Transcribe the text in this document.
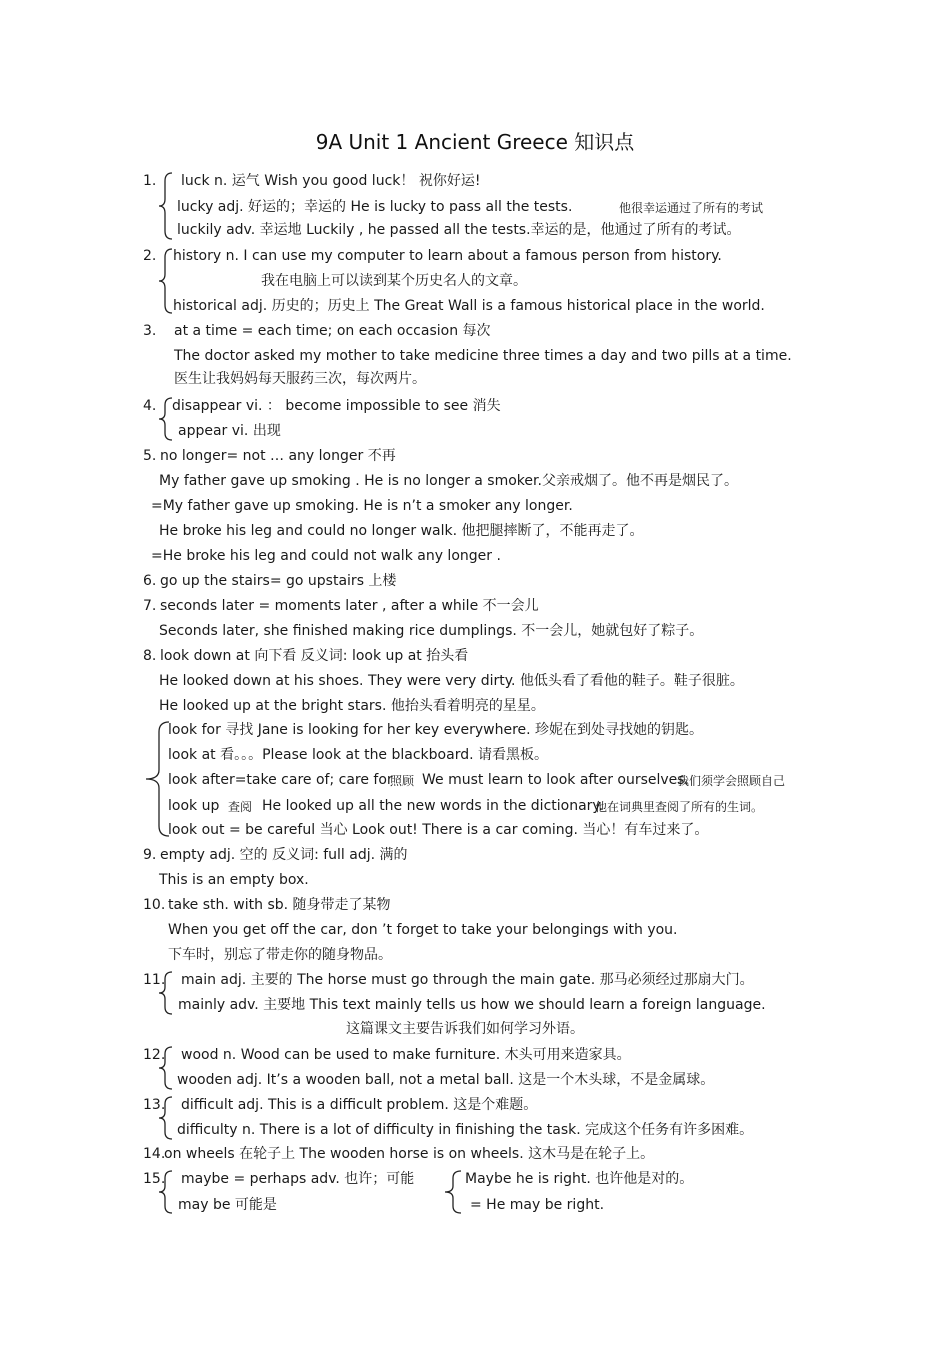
9A Unit 1 Ancient Greece 知识点
1. luck n. 运气 Wish you good luck！ 祝你好运!
lucky adj. 好运的；幸运的 He is lucky to pass all the tests.	他很幸运通过了所有的考试
luckily adv. 幸运地 Luckily , he passed all the tests.幸运的是，他通过了所有的考试。
2. history n. I can use my computer to learn about a famous person from history.
我在电脑上可以读到某个历史名人的文章。
historical adj. 历史的；历史上 The Great Wall is a famous historical place in the world.
3. at a time = each time; on each occasion 每次
The doctor asked my mother to take medicine three times a day and two pills at a time.
医生让我妈妈每天服药三次，每次两片。
4. disappear vi. ： become impossible to see 消失
appear vi. 出现
5. no longer= not … any longer 不再
My father gave up smoking . He is no longer a smoker.父亲戒烟了。他不再是烟民了。
=My father gave up smoking. He is n’t a smoker any longer.
He broke his leg and could no longer walk. 他把腿摔断了，不能再走了。
=He broke his leg and could not walk any longer .
6. go up the stairs= go upstairs 上楼
7. seconds later = moments later , after a while 不一会儿
Seconds later, she finished making rice dumplings. 不一会儿，她就包好了粽子。
8. look down at 向下看 反义词: look up at 抬头看
He looked down at his shoes. They were very dirty. 他低头看了看他的鞋子。鞋子很脏。
He looked up at the bright stars. 他抬头看着明亮的星星。
look for 寻找 Jane is looking for her key everywhere. 珍妮在到处寻找她的钥匙。
look at 看。。。Please look at the blackboard. 请看黑板。
look after=take care of; care for
照顾 We must learn to look after ourselves.
我们须学会照顾自己
look up 查阅 He looked up all the new words in the dictionary.
他在词典里查阅了所有的生词。
look out = be careful 当心 Look out! There is a car coming. 当心！有车过来了。
9. empty adj. 空的 反义词: full adj. 满的
This is an empty box.
10. take sth. with sb. 随身带走了某物
When you get off the car, don ’t forget to take your belongings with you.
下车时，别忘了带走你的随身物品。
11. main adj. 主要的 The horse must go through the main gate. 那马必须经过那扇大门。
mainly adv. 主要地 This text mainly tells us how we should learn a foreign language.
这篇课文主要告诉我们如何学习外语。
12. wood n. Wood can be used to make furniture. 木头可用来造家具。
wooden adj. It’s a wooden ball, not a metal ball. 这是一个木头球，不是金属球。
13. difficult adj. This is a difficult problem. 这是个难题。
difficulty n. There is a lot of difficulty in finishing the task. 完成这个任务有许多困难。
14.
on wheels 在轮子上 The wooden horse is on wheels. 这木马是在轮子上。
15. maybe = perhaps adv. 也许；可能
may be 可能是
Maybe he is right. 也许他是对的。
= He may be right.
